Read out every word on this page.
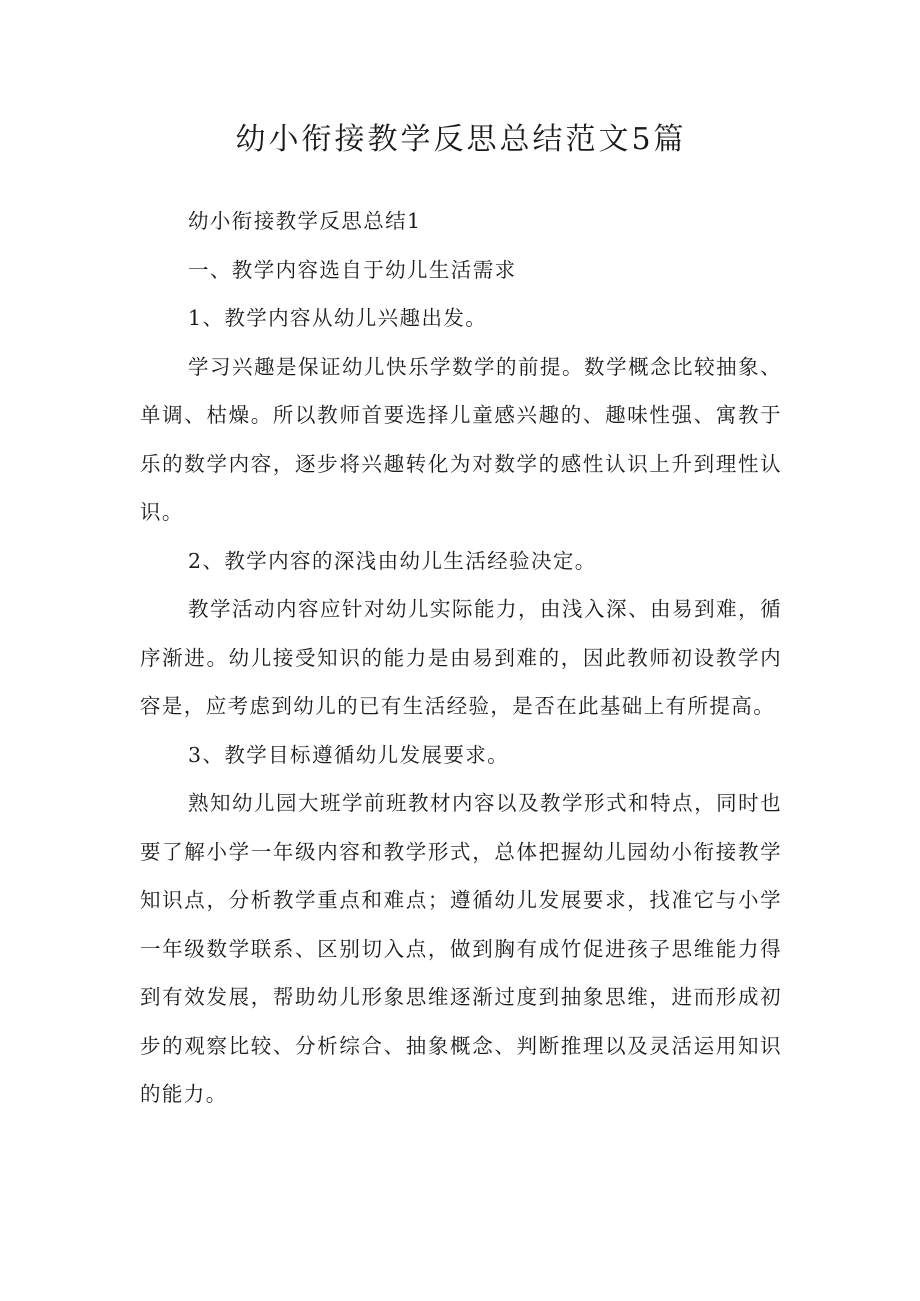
幼小衔接教学反思总结范文5篇

幼小衔接教学反思总结1

一、教学内容选自于幼儿生活需求

1、教学内容从幼儿兴趣出发。

学习兴趣是保证幼儿快乐学数学的前提。数学概念比较抽象、单调、枯燥。所以教师首要选择儿童感兴趣的、趣味性强、寓教于乐的数学内容，逐步将兴趣转化为对数学的感性认识上升到理性认识。

2、教学内容的深浅由幼儿生活经验决定。

教学活动内容应针对幼儿实际能力，由浅入深、由易到难，循序渐进。幼儿接受知识的能力是由易到难的，因此教师初设教学内容是，应考虑到幼儿的已有生活经验，是否在此基础上有所提高。

3、教学目标遵循幼儿发展要求。

熟知幼儿园大班学前班教材内容以及教学形式和特点，同时也要了解小学一年级内容和教学形式，总体把握幼儿园幼小衔接教学知识点，分析教学重点和难点；遵循幼儿发展要求，找准它与小学一年级数学联系、区别切入点，做到胸有成竹促进孩子思维能力得到有效发展，帮助幼儿形象思维逐渐过度到抽象思维，进而形成初步的观察比较、分析综合、抽象概念、判断推理以及灵活运用知识的能力。
